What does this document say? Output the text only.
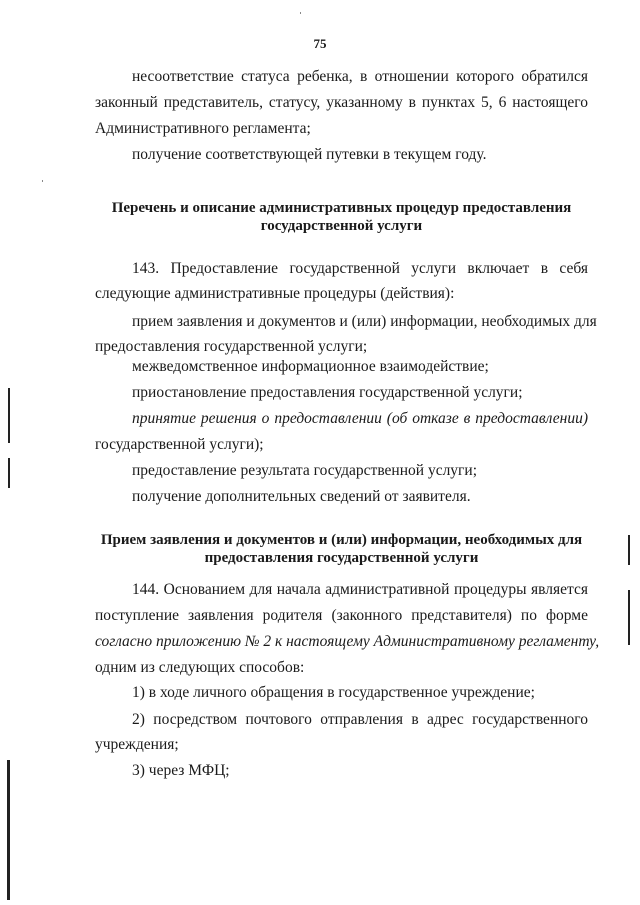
75
несоответствие статуса ребенка, в отношении которого обратился
законный представитель, статусу, указанному в пунктах 5, 6 настоящего
Административного регламента;
получение соответствующей путевки в текущем году.
Перечень и описание административных процедур предоставления
государственной услуги
143. Предоставление государственной услуги включает в себя
следующие административные процедуры (действия):
прием заявления и документов и (или) информации, необходимых для
предоставления государственной услуги;
межведомственное информационное взаимодействие;
приостановление предоставления государственной услуги;
принятие решения о предоставлении (об отказе в предоставлении)
государственной услуги);
предоставление результата государственной услуги;
получение дополнительных сведений от заявителя.
Прием заявления и документов и (или) информации, необходимых для
предоставления государственной услуги
144. Основанием для начала административной процедуры является
поступление заявления родителя (законного представителя) по форме
согласно приложению № 2 к настоящему Административному регламенту,
одним из следующих способов:
1) в ходе личного обращения в государственное учреждение;
2) посредством почтового отправления в адрес государственного
учреждения;
3) через МФЦ;
